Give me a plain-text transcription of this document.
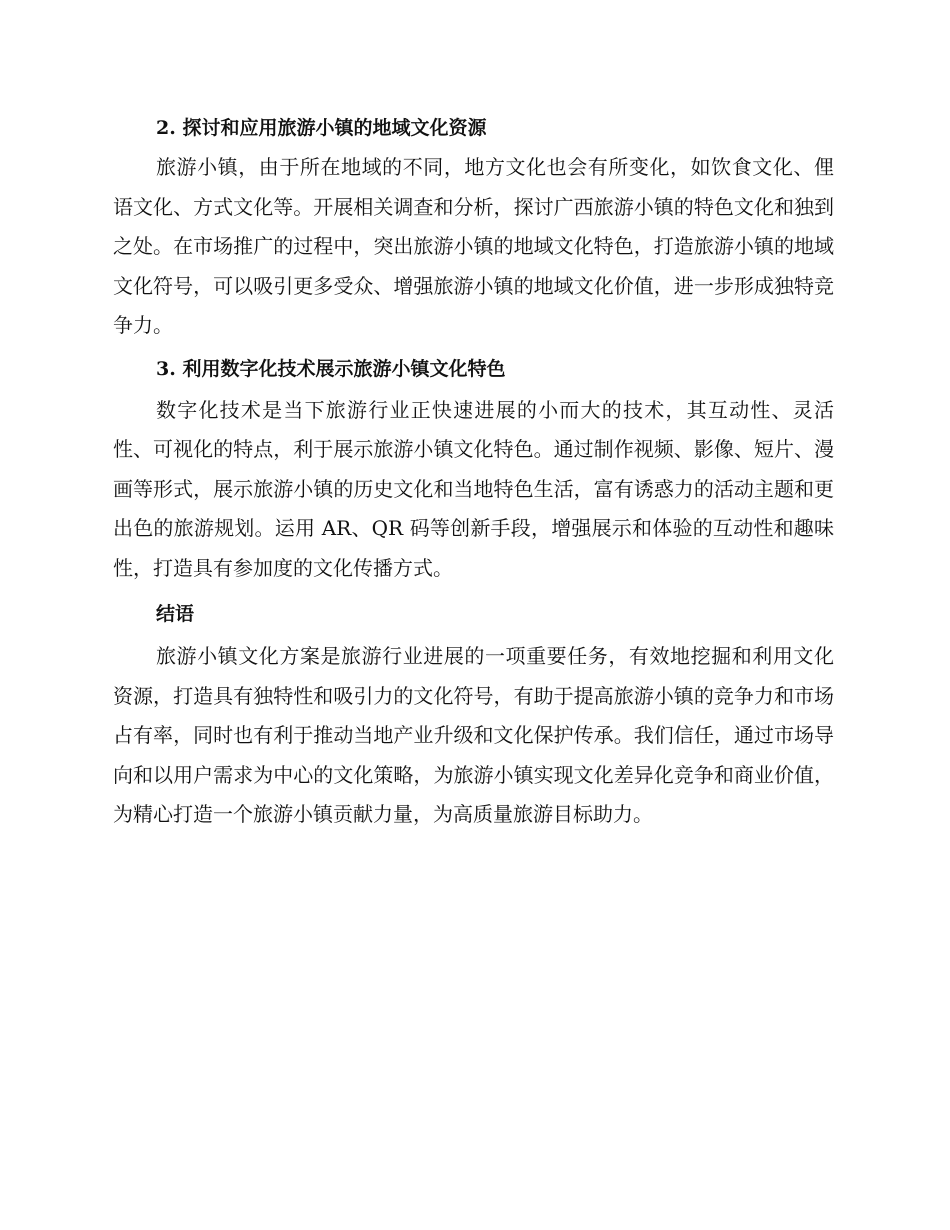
2. 探讨和应用旅游小镇的地域文化资源

旅游小镇，由于所在地域的不同，地方文化也会有所变化，如饮食文化、俚语文化、方式文化等。开展相关调查和分析，探讨广西旅游小镇的特色文化和独到之处。在市场推广的过程中，突出旅游小镇的地域文化特色，打造旅游小镇的地域文化符号，可以吸引更多受众、增强旅游小镇的地域文化价值，进一步形成独特竞争力。

3. 利用数字化技术展示旅游小镇文化特色

数字化技术是当下旅游行业正快速进展的小而大的技术，其互动性、灵活性、可视化的特点，利于展示旅游小镇文化特色。通过制作视频、影像、短片、漫画等形式，展示旅游小镇的历史文化和当地特色生活，富有诱惑力的活动主题和更出色的旅游规划。运用 AR、QR 码等创新手段，增强展示和体验的互动性和趣味性，打造具有参加度的文化传播方式。

结语

旅游小镇文化方案是旅游行业进展的一项重要任务，有效地挖掘和利用文化资源，打造具有独特性和吸引力的文化符号，有助于提高旅游小镇的竞争力和市场占有率，同时也有利于推动当地产业升级和文化保护传承。我们信任，通过市场导向和以用户需求为中心的文化策略，为旅游小镇实现文化差异化竞争和商业价值，为精心打造一个旅游小镇贡献力量，为高质量旅游目标助力。
